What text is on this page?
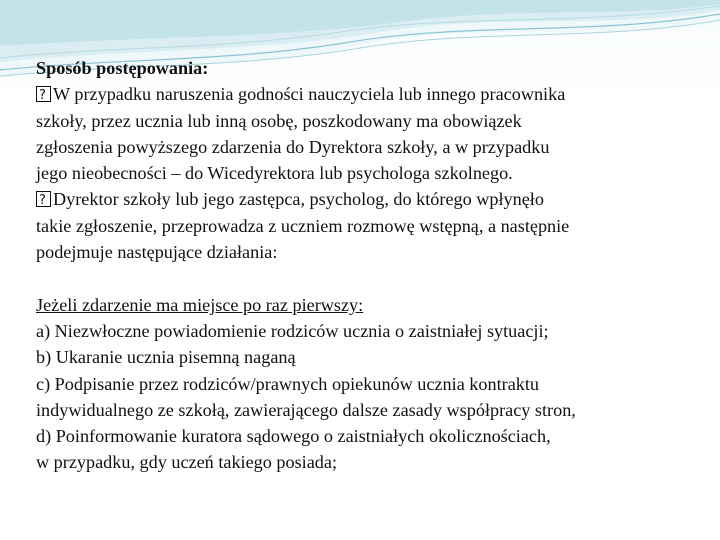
Sposób postępowania:
?W przypadku naruszenia godności nauczyciela lub innego pracownika
szkoły, przez ucznia lub inną osobę, poszkodowany ma obowiązek
zgłoszenia powyższego zdarzenia do Dyrektora szkoły, a w przypadku
jego nieobecności – do Wicedyrektora lub psychologa szkolnego.
?Dyrektor szkoły lub jego zastępca, psycholog, do którego wpłynęło
takie zgłoszenie, przeprowadza z uczniem rozmowę wstępną, a następnie
podejmuje następujące działania:
Jeżeli zdarzenie ma miejsce po raz pierwszy:
a) Niezwłoczne powiadomienie rodziców ucznia o zaistniałej sytuacji;
b) Ukaranie ucznia pisemną naganą
c) Podpisanie przez rodziców/prawnych opiekunów ucznia kontraktu
indywidualnego ze szkołą, zawierającego dalsze zasady współpracy stron,
d) Poinformowanie kuratora sądowego o zaistniałych okolicznościach,
w przypadku, gdy uczeń takiego posiada;
